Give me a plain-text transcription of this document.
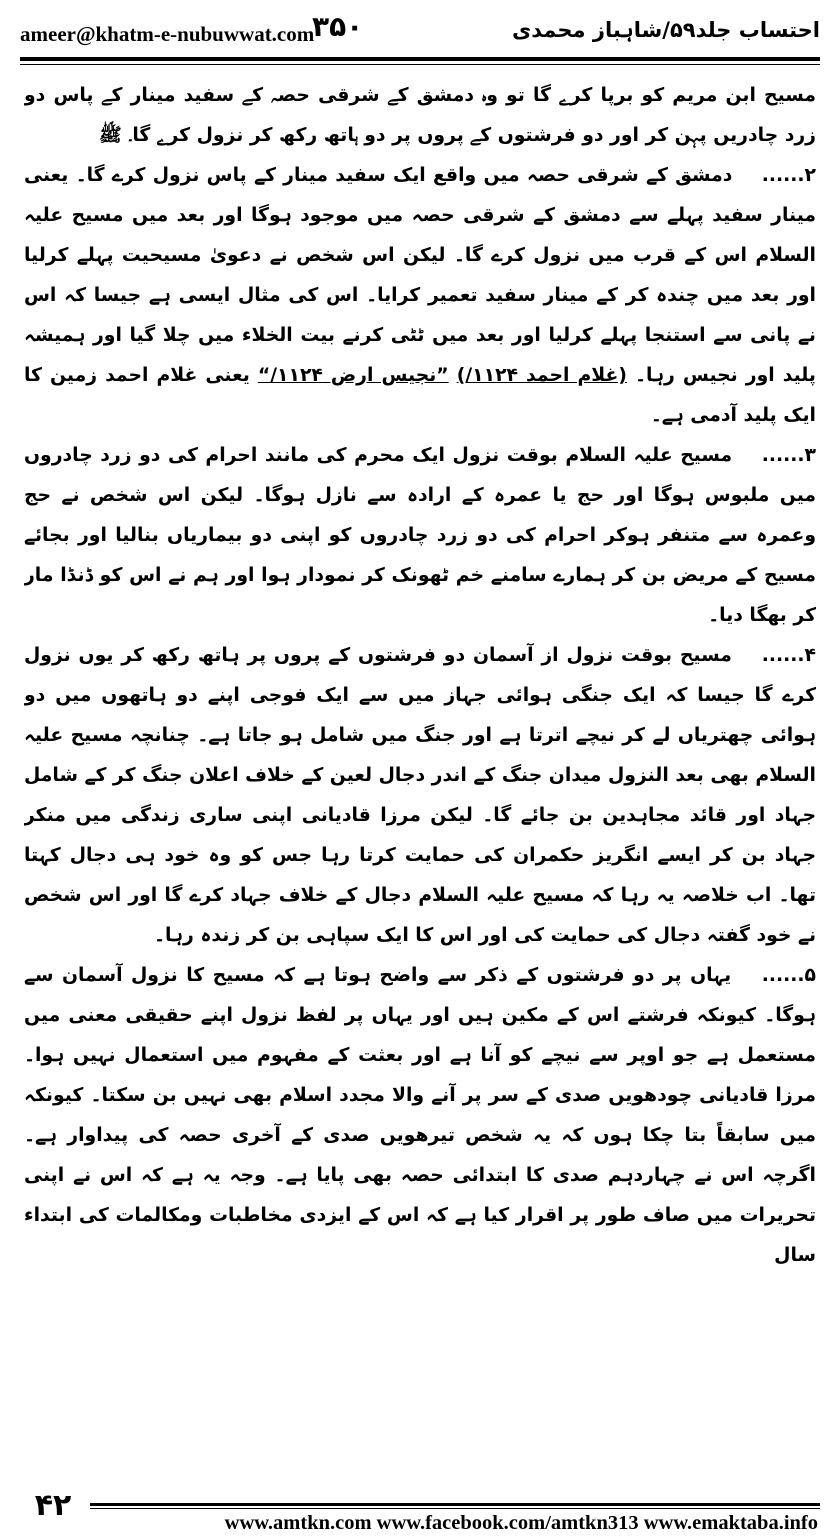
ameer@khatm-e-nubuwwat.com
۳۵۰	احتساب جلد۵۹/شاہباز محمدی

مسیح ابن مریم کو برپا کرے گا تو وہ دمشق کے شرقی حصہ کے سفید مینار کے پاس دو زرد چادریں پہن کر اور دو فرشتوں کے پروں پر دو ہاتھ رکھ کر نزول کرے گا۔ ﷺ

۲...... دمشق کے شرقی حصہ میں واقع ایک سفید مینار کے پاس نزول کرے گا۔ یعنی مینار سفید پہلے سے دمشق کے شرقی حصہ میں موجود ہوگا اور بعد میں مسیح علیہ السلام اس کے قرب میں نزول کرے گا۔ لیکن اس شخص نے دعویٰ مسیحیت پہلے کرلیا اور بعد میں چندہ کر کے مینار سفید تعمیر کرایا۔ اس کی مثال ایسی ہے جیسا کہ اس نے پانی سے استنجا پہلے کرلیا اور بعد میں ٹٹی کرنے بیت الخلاء میں چلا گیا اور ہمیشہ پلید اور نجیس رہا۔ (غلام احمد ۱۱۲۴/) ”نجیس ارض ۱۱۲۴/“ یعنی غلام احمد زمین کا ایک پلید آدمی ہے۔

۳...... مسیح علیہ السلام بوقت نزول ایک محرم کی مانند احرام کی دو زرد چادروں میں ملبوس ہوگا اور حج یا عمرہ کے ارادہ سے نازل ہوگا۔ لیکن اس شخص نے حج وعمرہ سے متنفر ہوکر احرام کی دو زرد چادروں کو اپنی دو بیماریاں بنالیا اور بجائے مسیح کے مریض بن کر ہمارے سامنے خم ٹھونک کر نمودار ہوا اور ہم نے اس کو ڈنڈا مار کر بھگا دیا۔

۴...... مسیح بوقت نزول از آسمان دو فرشتوں کے پروں پر ہاتھ رکھ کر یوں نزول کرے گا جیسا کہ ایک جنگی ہوائی جہاز میں سے ایک فوجی اپنے دو ہاتھوں میں دو ہوائی چھتریاں لے کر نیچے اترتا ہے اور جنگ میں شامل ہو جاتا ہے۔ چنانچہ مسیح علیہ السلام بھی بعد النزول میدان جنگ کے اندر دجال لعین کے خلاف اعلان جنگ کر کے شامل جہاد اور قائد مجاہدین بن جائے گا۔ لیکن مرزا قادیانی اپنی ساری زندگی میں منکر جہاد بن کر ایسے انگریز حکمران کی حمایت کرتا رہا جس کو وہ خود ہی دجال کہتا تھا۔ اب خلاصہ یہ رہا کہ مسیح علیہ السلام دجال کے خلاف جہاد کرے گا اور اس شخص نے خود گفتہ دجال کی حمایت کی اور اس کا ایک سپاہی بن کر زندہ رہا۔

۵...... یہاں پر دو فرشتوں کے ذکر سے واضح ہوتا ہے کہ مسیح کا نزول آسمان سے ہوگا۔ کیونکہ فرشتے اس کے مکین ہیں اور یہاں پر لفظ نزول اپنے حقیقی معنی میں مستعمل ہے جو اوپر سے نیچے کو آنا ہے اور بعثت کے مفہوم میں استعمال نہیں ہوا۔ مرزا قادیانی چودھویں صدی کے سر پر آنے والا مجدد اسلام بھی نہیں بن سکتا۔ کیونکہ میں سابقاً بتا چکا ہوں کہ یہ شخص تیرھویں صدی کے آخری حصہ کی پیداوار ہے۔ اگرچہ اس نے چہاردہم صدی کا ابتدائی حصہ بھی پایا ہے۔ وجہ یہ ہے کہ اس نے اپنی تحریرات میں صاف طور پر اقرار کیا ہے کہ اس کے ایزدی مخاطبات ومکالمات کی ابتداء سال

۴۲	www.amtkn.com www.facebook.com/amtkn313 www.emaktaba.info
